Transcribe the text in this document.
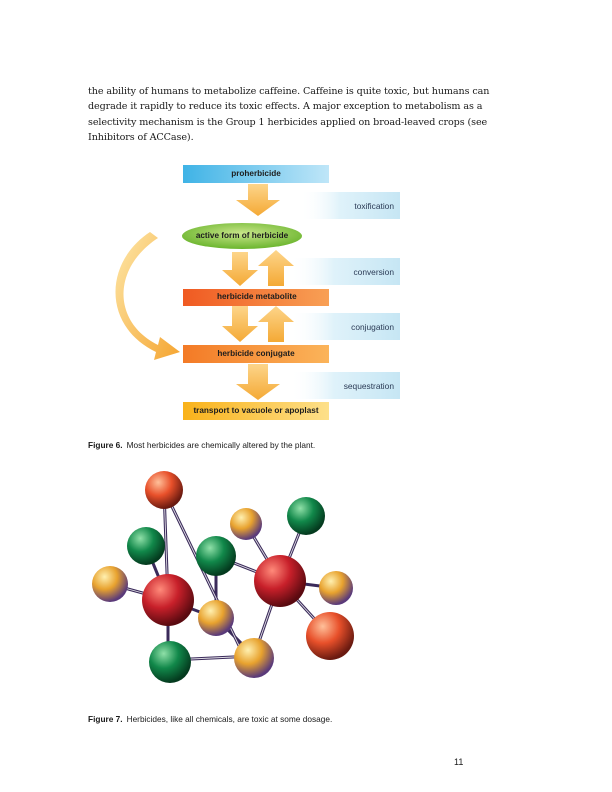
the ability of humans to metabolize caffeine. Caffeine is quite toxic, but humans can
degrade it rapidly to reduce its toxic effects. A major exception to metabolism as a
selectivity mechanism is the Group 1 herbicides applied on broad-leaved crops (see
Inhibitors of ACCase).
proherbicide
active form of herbicide
herbicide metabolite
herbicide conjugate
transport to vacuole or apoplast
toxification
conversion
conjugation
sequestration
Figure 6. Most herbicides are chemically altered by the plant.
Figure 7. Herbicides, like all chemicals, are toxic at some dosage.
11
